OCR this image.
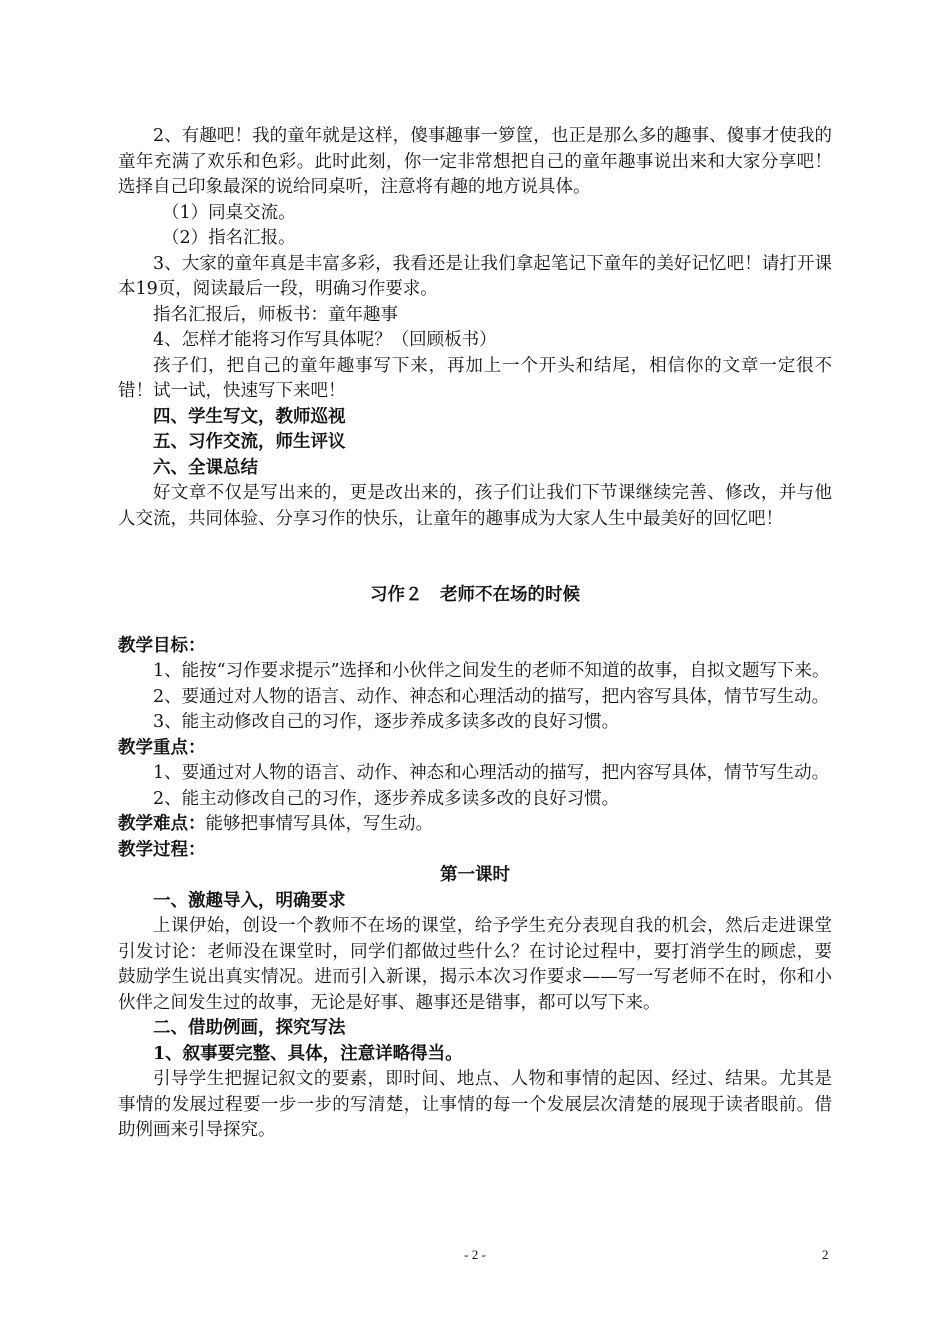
2、有趣吧！我的童年就是这样，傻事趣事一箩筐，也正是那么多的趣事、傻事才使我的童年充满了欢乐和色彩。此时此刻，你一定非常想把自己的童年趣事说出来和大家分享吧！选择自己印象最深的说给同桌听，注意将有趣的地方说具体。

（1）同桌交流。

（2）指名汇报。

3、大家的童年真是丰富多彩，我看还是让我们拿起笔记下童年的美好记忆吧！请打开课本19页，阅读最后一段，明确习作要求。

指名汇报后，师板书：童年趣事

4、怎样才能将习作写具体呢？（回顾板书）

孩子们，把自己的童年趣事写下来，再加上一个开头和结尾，相信你的文章一定很不错！试一试，快速写下来吧！

四、学生写文，教师巡视

五、习作交流，师生评议

六、全课总结

好文章不仅是写出来的，更是改出来的，孩子们让我们下节课继续完善、修改，并与他人交流，共同体验、分享习作的快乐，让童年的趣事成为大家人生中最美好的回忆吧！

习作２　老师不在场的时候

教学目标：

1、能按“习作要求提示”选择和小伙伴之间发生的老师不知道的故事，自拟文题写下来。

2、要通过对人物的语言、动作、神态和心理活动的描写，把内容写具体，情节写生动。

3、能主动修改自己的习作，逐步养成多读多改的良好习惯。

教学重点：

1、要通过对人物的语言、动作、神态和心理活动的描写，把内容写具体，情节写生动。

2、能主动修改自己的习作，逐步养成多读多改的良好习惯。

教学难点：能够把事情写具体，写生动。

教学过程：

第一课时

一、激趣导入，明确要求

上课伊始，创设一个教师不在场的课堂，给予学生充分表现自我的机会，然后走进课堂引发讨论：老师没在课堂时，同学们都做过些什么？在讨论过程中，要打消学生的顾虑，要鼓励学生说出真实情况。进而引入新课，揭示本次习作要求——写一写老师不在时，你和小伙伴之间发生过的故事，无论是好事、趣事还是错事，都可以写下来。

二、借助例画，探究写法

1、叙事要完整、具体，注意详略得当。

引导学生把握记叙文的要素，即时间、地点、人物和事情的起因、经过、结果。尤其是事情的发展过程要一步一步的写清楚，让事情的每一个发展层次清楚的展现于读者眼前。借助例画来引导探究。

- 2 -	2
